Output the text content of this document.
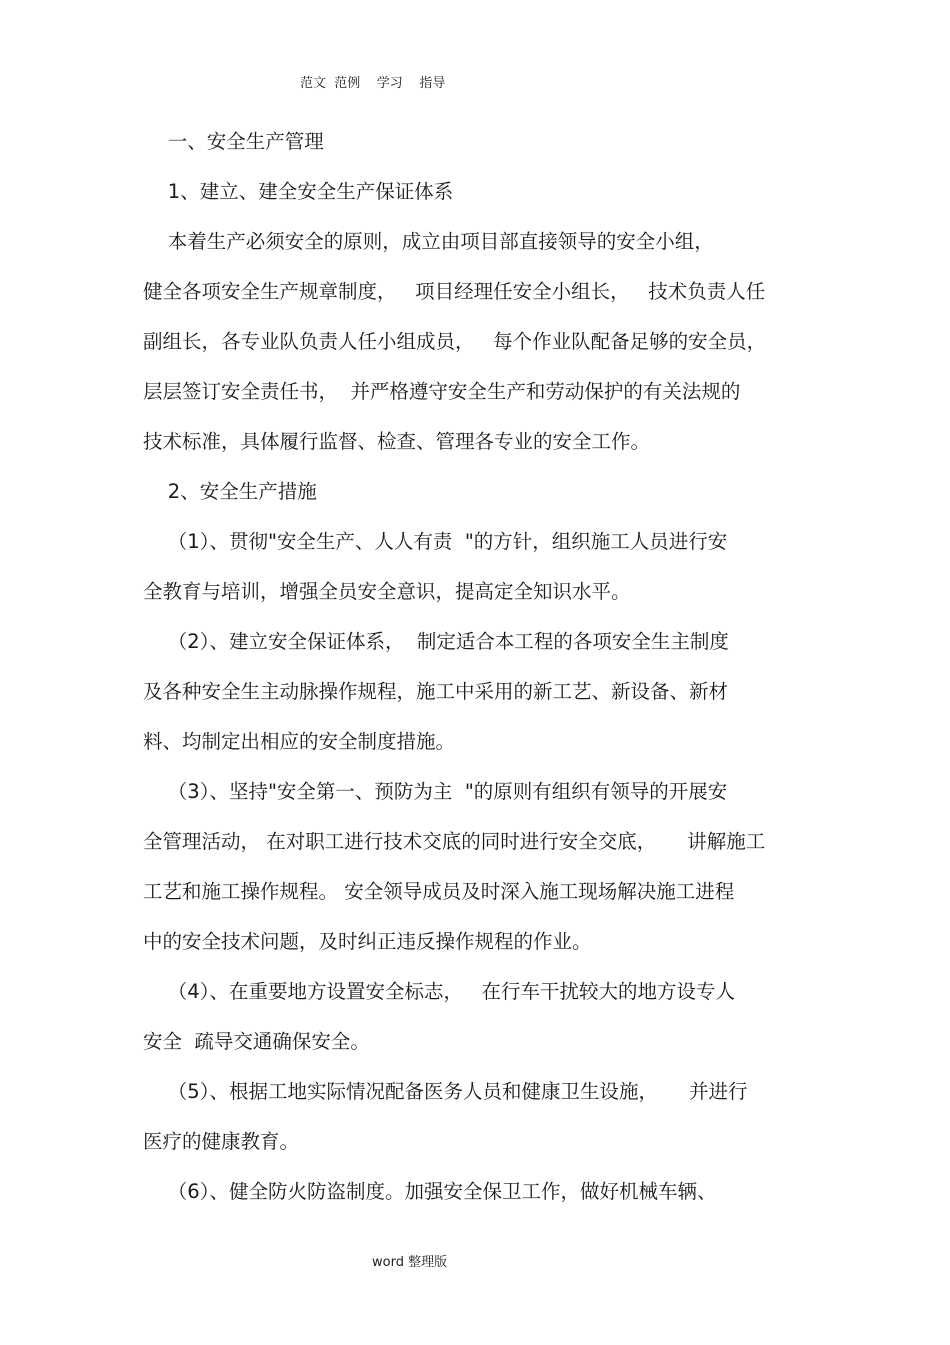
范文  范例    学习    指导
一、安全生产管理
1、建立、建全安全生产保证体系
本着生产必须安全的原则，成立由项目部直接领导的安全小组，
健全各项安全生产规章制度，   项目经理任安全小组长，   技术负责人任
副组长，各专业队负责人任小组成员，   每个作业队配备足够的安全员，
层层签订安全责任书，  并严格遵守安全生产和劳动保护的有关法规的
技术标准，具体履行监督、检查、管理各专业的安全工作。
2、安全生产措施
（1）、贯彻"安全生产、人人有责  "的方针，组织施工人员进行安
全教育与培训，增强全员安全意识，提高定全知识水平。
（2）、建立安全保证体系，  制定适合本工程的各项安全生主制度
及各种安全生主动脉操作规程，施工中采用的新工艺、新设备、新材
料、均制定出相应的安全制度措施。
（3）、坚持"安全第一、预防为主  "的原则有组织有领导的开展安
全管理活动， 在对职工进行技术交底的同时进行安全交底，     讲解施工
工艺和施工操作规程。 安全领导成员及时深入施工现场解决施工进程
中的安全技术问题，及时纠正违反操作规程的作业。
（4）、在重要地方设置安全标志，   在行车干扰较大的地方设专人
安全  疏导交通确保安全。
（5）、根据工地实际情况配备医务人员和健康卫生设施，     并进行
医疗的健康教育。
（6）、健全防火防盗制度。加强安全保卫工作，做好机械车辆、
word 整理版
